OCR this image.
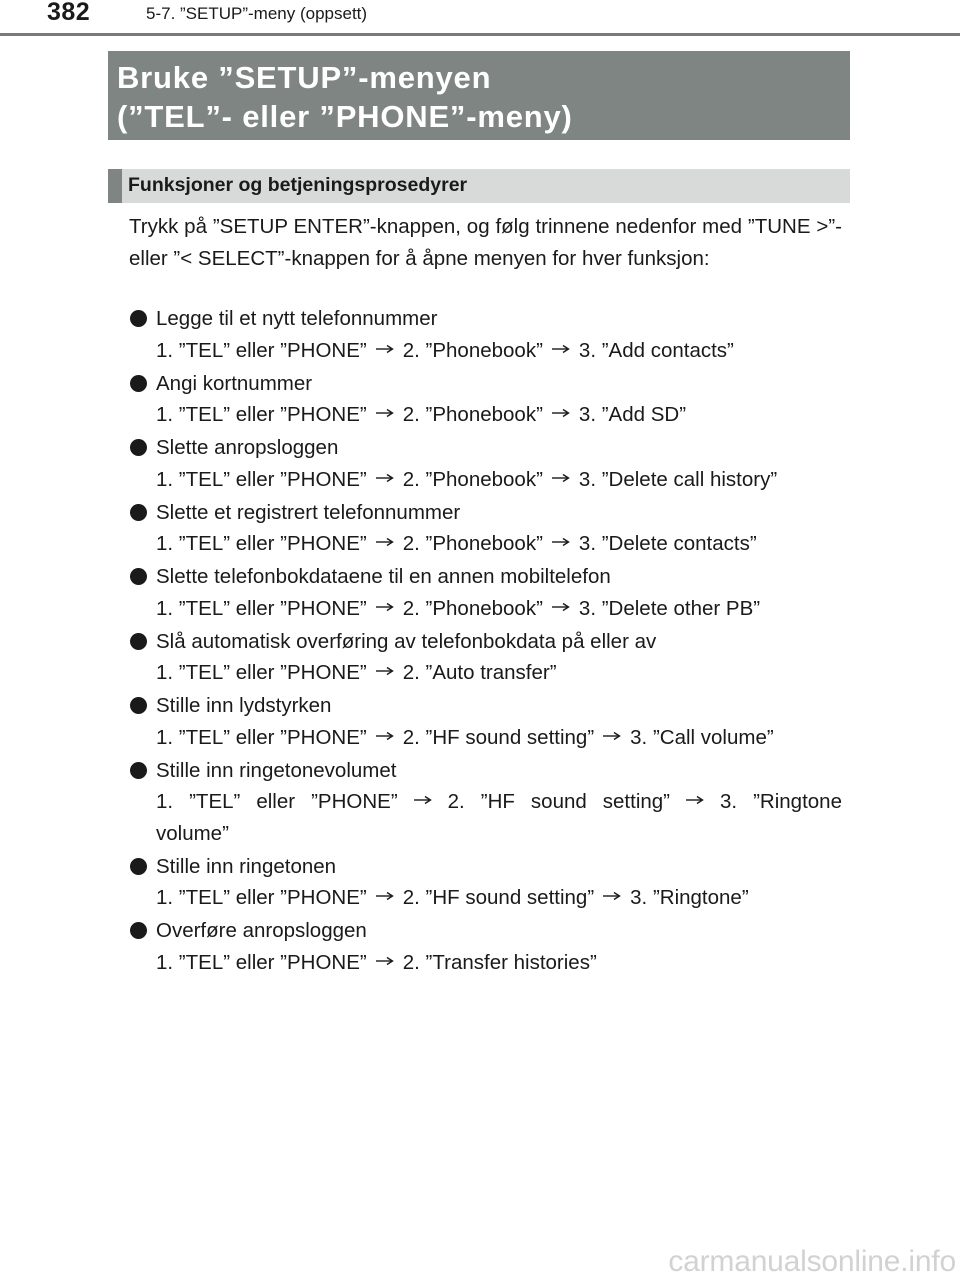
382	5-7. ”SETUP”-meny (oppsett)
Bruke ”SETUP”-menyen
(”TEL”- eller ”PHONE”-meny)
Funksjoner og betjeningsprosedyrer

Trykk på ”SETUP ENTER”-knappen, og følg trinnene nedenfor med ”TUNE >”- eller ”< SELECT”-knappen for å åpne menyen for hver funksjon:

Legge til et nytt telefonnummer
1. ”TEL” eller ”PHONE” 2. ”Phonebook” 3. ”Add contacts”
Angi kortnummer
1. ”TEL” eller ”PHONE” 2. ”Phonebook” 3. ”Add SD”
Slette anropsloggen
1. ”TEL” eller ”PHONE” 2. ”Phonebook” 3. ”Delete call history”
Slette et registrert telefonnummer
1. ”TEL” eller ”PHONE” 2. ”Phonebook” 3. ”Delete contacts”
Slette telefonbokdataene til en annen mobiltelefon
1. ”TEL” eller ”PHONE” 2. ”Phonebook” 3. ”Delete other PB”
Slå automatisk overføring av telefonbokdata på eller av
1. ”TEL” eller ”PHONE” 2. ”Auto transfer”
Stille inn lydstyrken
1. ”TEL” eller ”PHONE” 2. ”HF sound setting” 3. ”Call volume”
Stille inn ringetonevolumet
1. ”TEL” eller ”PHONE” 2. ”HF sound setting” 3. ”Ringtone volume”
Stille inn ringetonen
1. ”TEL” eller ”PHONE” 2. ”HF sound setting” 3. ”Ringtone”
Overføre anropsloggen
1. ”TEL” eller ”PHONE” 2. ”Transfer histories”
carmanualsonline.info
